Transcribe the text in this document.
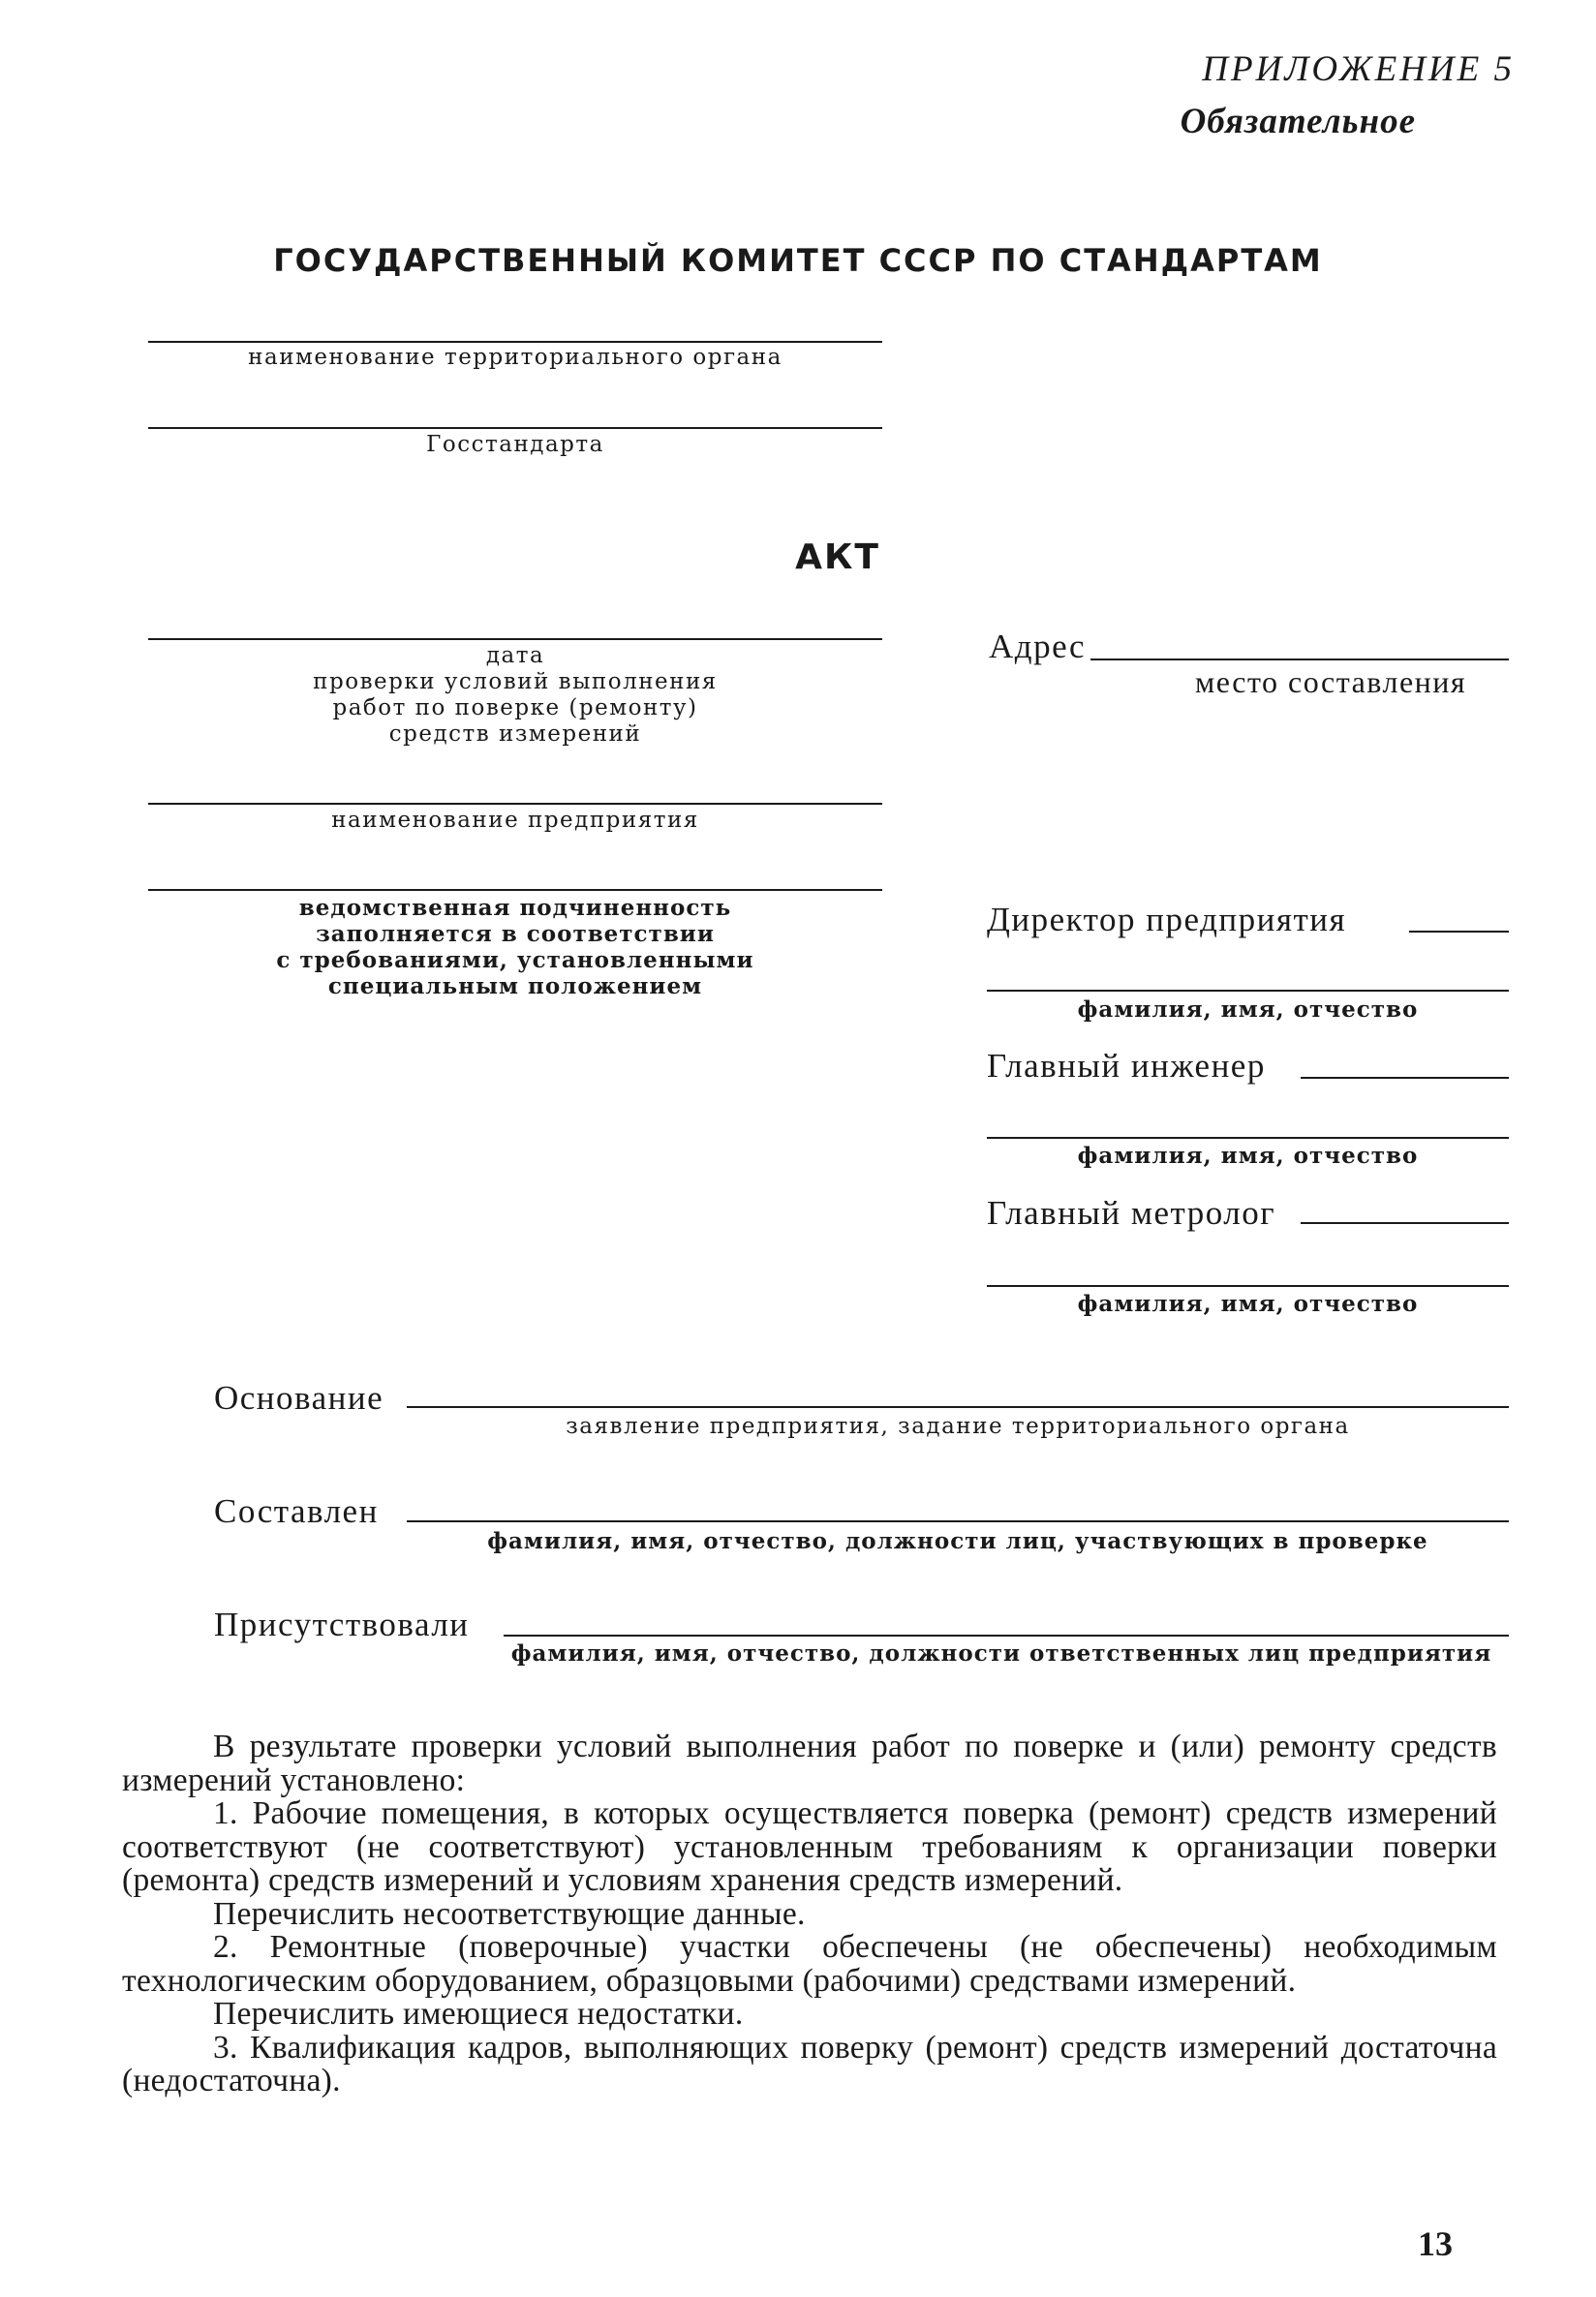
ПРИЛОЖЕНИЕ 5
Обязательное
ГОСУДАРСТВЕННЫЙ КОМИТЕТ СССР ПО СТАНДАРТАМ
наименование территориального органа
Госстандарта
АКТ
дата
проверки условий выполнения
работ по поверке (ремонту)
средств измерений
наименование предприятия
ведомственная подчиненность
заполняется в соответствии
с требованиями, установленными
специальным положением
Адрес
место составления
Директор предприятия
фамилия, имя, отчество
Главный инженер
фамилия, имя, отчество
Главный метролог
фамилия, имя, отчество
Основание
заявление предприятия, задание территориального органа
Составлен
фамилия, имя, отчество, должности лиц, участвующих в проверке
Присутствовали
фамилия, имя, отчество, должности ответственных лиц предприятия

В результате проверки условий выполнения работ по поверке и (или) ремонту средств измерений установлено:

1. Рабочие помещения, в которых осуществляется поверка (ремонт) средств измерений соответствуют (не соответствуют) установленным требованиям к организации поверки (ремонта) средств измерений и условиям хранения средств измерений.

Перечислить несоответствующие данные.

2. Ремонтные (поверочные) участки обеспечены (не обеспечены) необходимым технологическим оборудованием, образцовыми (рабочими) средствами измерений.

Перечислить имеющиеся недостатки.

3. Квалификация кадров, выполняющих поверку (ремонт) средств измерений достаточна (недостаточна).

13
